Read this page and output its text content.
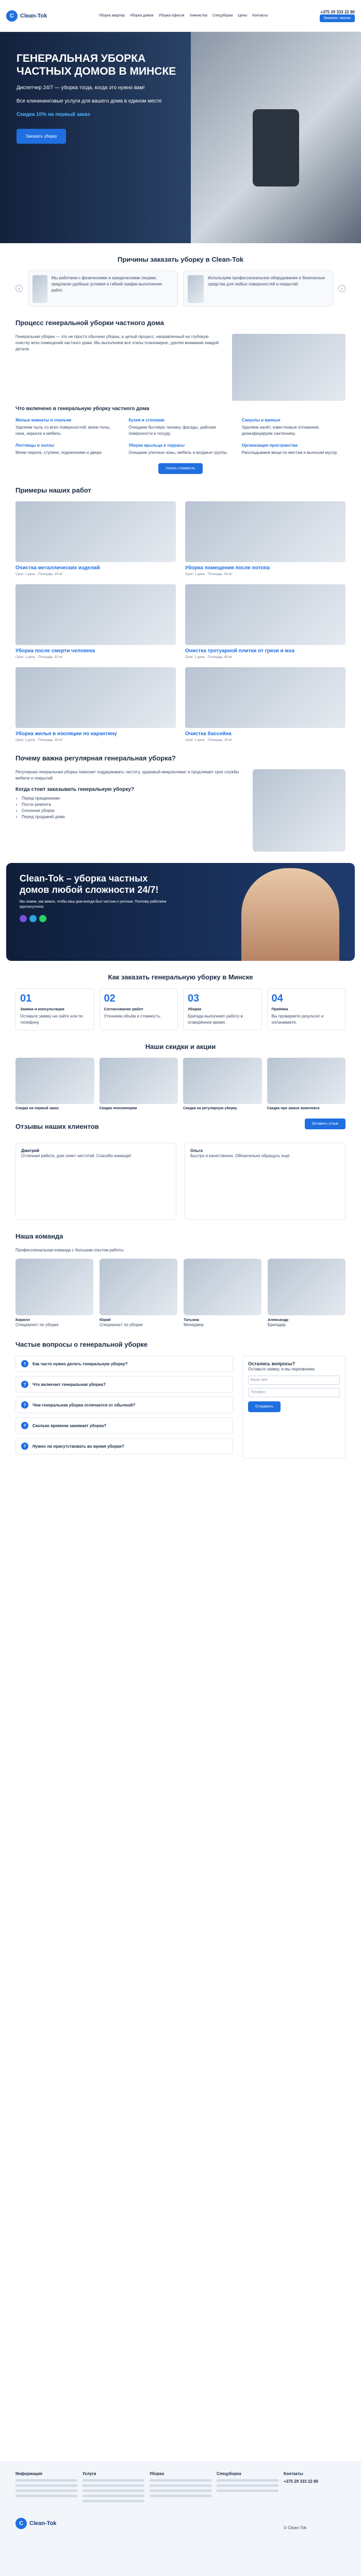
C	Clean-Tok	Уборка квартир Уборка домов Уборка офисов Химчистка Спецуборка Цены Контакты
+375 29 333 22 80
Заказать звонок
ГЕНЕРАЛЬНАЯ УБОРКА ЧАСТНЫХ ДОМОВ В МИНСКЕ

Диспетчер 24/7 — уборка тогда, когда это нужно вам!

Все клинининговые услуги для вашего дома в едином месте

Скидка 10% на первый заказ

Заказать уборку
Причины заказать уборку в Clean-Tok
‹
Мы работаем с физическими и юридическими лицами, предлагая удобные условия и гибкий график выполнения работ.
Используем профессиональное оборудование и безопасные средства для любых поверхностей и покрытий.
›
Процесс генеральной уборки частного дома
Генеральная уборка — это не просто обычная уборка, а целый процесс, направленный на глубокую очистку всех помещений частного дома. Мы выполняем все этапы планомерно, уделяя внимание каждой детали.
Что включено в генеральную уборку частного дома
Жилые комнаты и спальни
Удаляем пыль со всех поверхностей, моем полы, окна, зеркала и мебель.
Кухня и столовая
Очищаем бытовую технику, фасады, рабочие поверхности и посуду.
Санузлы и ванные
Удаляем налёт, известковые отложения, дезинфицируем сантехнику.
Лестницы и холлы
Моем перила, ступени, подоконники и двери.
Уборка крыльца и террасы
Очищаем уличные зоны, мебель и входные группы.
Организация пространства
Раскладываем вещи по местам и выносим мусор.
Узнать стоимость
Примеры наших работ
Очистка металлических изделий
Срок: 1 день · Площадь: 40 м²
Уборка помещения после потопа
Срок: 1 день · Площадь: 60 м²
Уборка после смерти человека
Срок: 1 день · Площадь: 52 м²
Очистка тротуарной плитки от грязи и мха
Срок: 1 день · Площадь: 80 м²
Уборка жилья в изоляции по карантину
Срок: 1 день · Площадь: 45 м²
Очистка бассейна
Срок: 1 день · Площадь: 30 м²
Почему важна регулярная генеральная уборка?
Регулярная генеральная уборка помогает поддерживать чистоту, здоровый микроклимат и продлевает срок службы мебели и покрытий.
Когда стоит заказывать генеральную уборку?
• Перед праздниками
• После ремонта
• Сезонная уборка
• Перед продажей дома
Clean-Tok – уборка частных домов любой сложности 24/7!

Мы знаем, как важно, чтобы ваш дом всегда был чистым и уютным. Поэтому работаем круглосуточно.

Как заказать генеральную уборку в Минске
01
Заявка и консультация
Оставьте заявку на сайте или по телефону.
02
Согласование работ
Уточняем объём и стоимость.
03
Уборка
Бригада выполняет работу в оговорённое время.
04
Приёмка
Вы проверяете результат и оплачиваете.
Наши скидки и акции
Скидка на первый заказ	Скидка пенсионерам	Скидка на регулярную уборку	Скидка при заказе комплекса
Отзывы наших клиентов	Оставить отзыв
Дмитрий
Отличная работа, дом сияет чистотой. Спасибо команде!
Ольга
Быстро и качественно. Обязательно обращусь ещё.
Наша команда
Профессиональная команда с большим опытом работы
Кирилл
Специалист по уборке
Юрий
Специалист по уборке
Татьяна
Менеджер
Александр
Бригадир
Частые вопросы о генеральной уборке
?	Как часто нужно делать генеральную уборку?
?	Что включает генеральная уборка?
?	Чем генеральная уборка отличается от обычной?
?	Сколько времени занимает уборка?
?	Нужно ли присутствовать во время уборки?
Остались вопросы?
Оставьте заявку, и мы перезвоним.
Ваше имя
Телефон
Отправить
Информация
C	Clean-Tok
Услуги	Уборка	Спецуборка	Контакты
+375 29 333 22 80
© Clean-Tok
